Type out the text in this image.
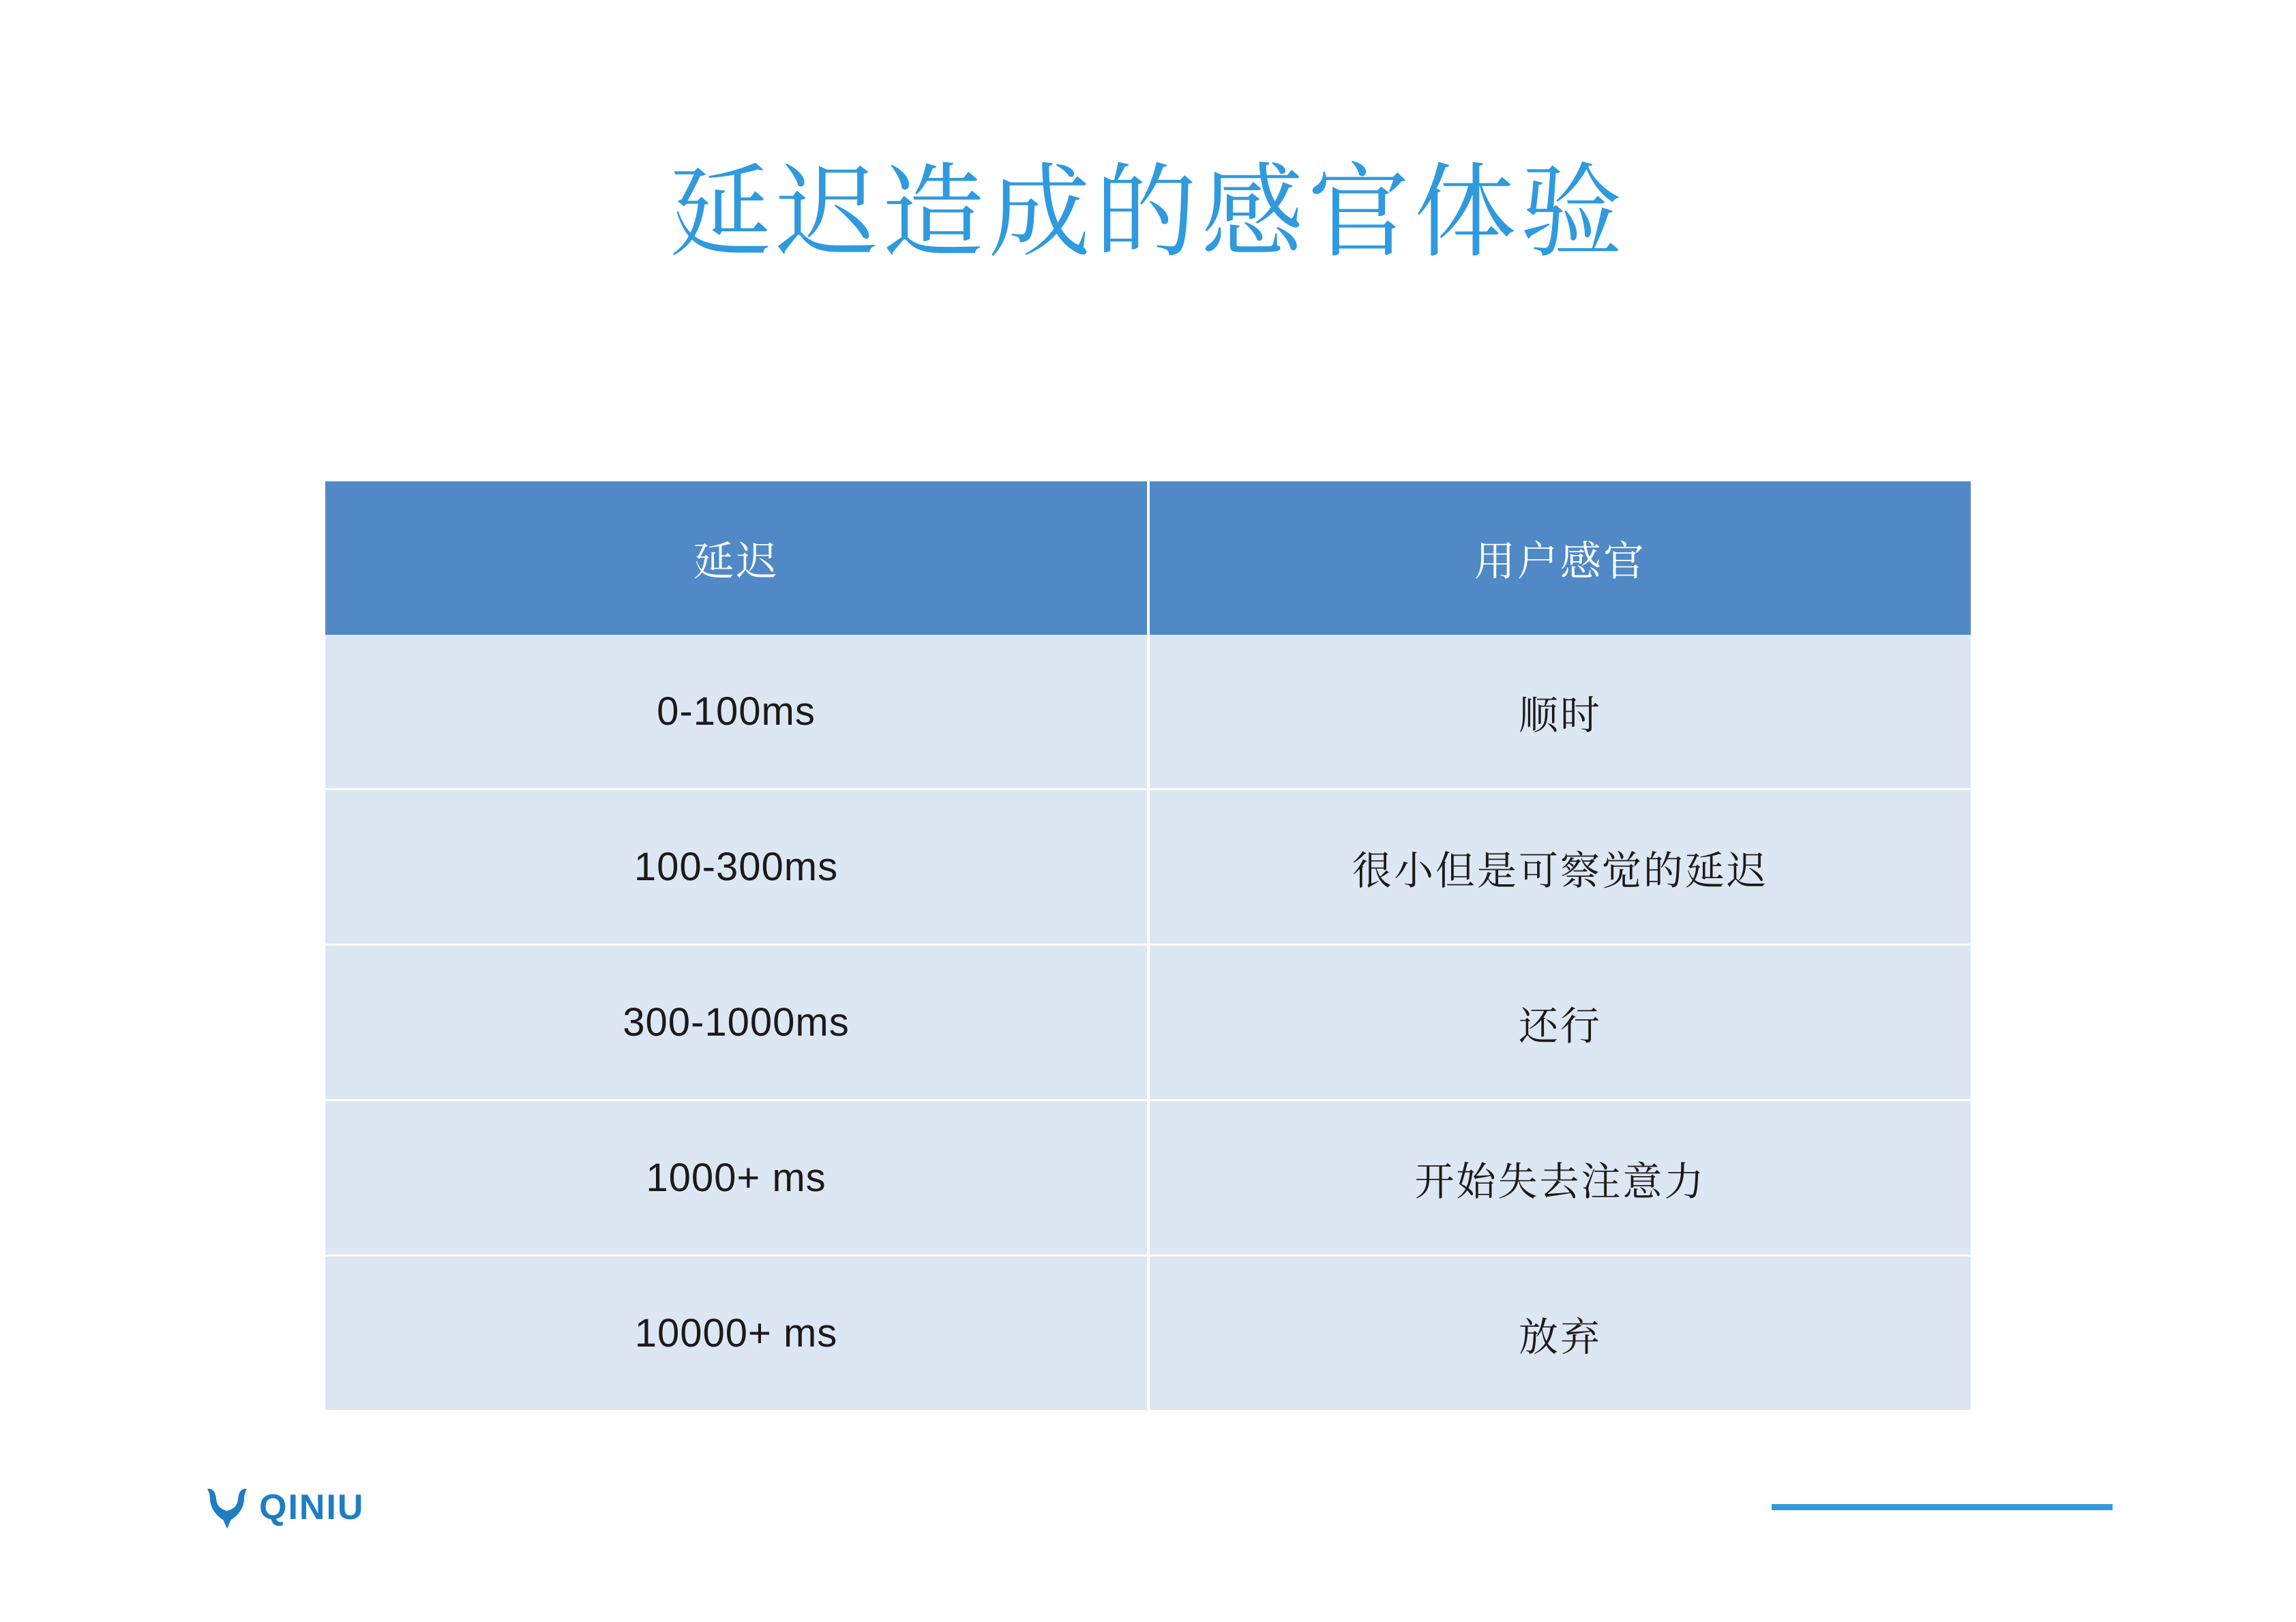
延迟造成的感官体验
延迟	用户感官
0-100ms	顺时
100-300ms	很小但是可察觉的延迟
300-1000ms	还行
1000+ ms	开始失去注意力
10000+ ms	放弃
QINIU
